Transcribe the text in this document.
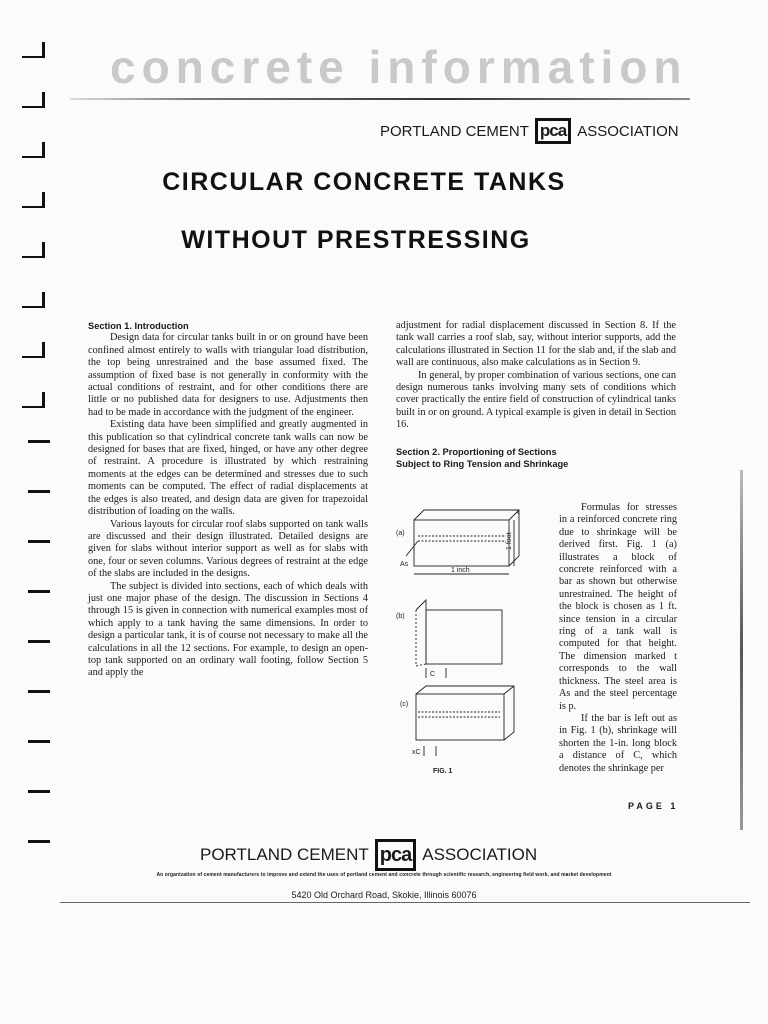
concrete information
PORTLAND CEMENT pca ASSOCIATION
CIRCULAR CONCRETE TANKS
WITHOUT PRESTRESSING

Section 1. Introduction

Design data for circular tanks built in or on ground have been confined almost entirely to walls with triangular load distribution, the top being unrestrained and the base assumed fixed. The assumption of fixed base is not generally in conformity with the actual conditions of restraint, and for other conditions there are little or no published data for designers to use. Adjustments then had to be made in accordance with the judgment of the engineer.

Existing data have been simplified and greatly augmented in this publication so that cylindrical concrete tank walls can now be designed for bases that are fixed, hinged, or have any other degree of restraint. A procedure is illustrated by which restraining moments at the edges can be determined and stresses due to such moments can be computed. The effect of radial displacements at the edges is also treated, and design data are given for trapezoidal distribution of loading on the walls.

Various layouts for circular roof slabs supported on tank walls are discussed and their design illustrated. Detailed designs are given for slabs without interior support as well as for slabs with one, four or seven columns. Various degrees of restraint at the edge of the slabs are included in the designs.

The subject is divided into sections, each of which deals with just one major phase of the design. The discussion in Sections 4 through 15 is given in connection with numerical examples most of which apply to a tank having the same dimensions. In order to design a particular tank, it is of course not necessary to make all the calculations in all the 12 sections. For example, to design an open-top tank supported on an ordinary wall footing, follow Section 5 and apply the

adjustment for radial displacement discussed in Section 8. If the tank wall carries a roof slab, say, without interior supports, add the calculations illustrated in Section 11 for the slab and, if the slab and wall are continuous, also make calculations as in Section 9.

In general, by proper combination of various sections, one can design numerous tanks involving many sets of conditions which cover practically the entire field of construction of cylindrical tanks built in or on ground. A typical example is given in detail in Section 16.

Section 2. Proportioning of Sections

Subject to Ring Tension and Shrinkage

Formulas for stresses in a reinforced concrete ring due to shrinkage will be derived first. Fig. 1 (a) illustrates a block of concrete reinforced with a bar as shown but otherwise unrestrained. The height of the block is chosen as 1 ft. since tension in a circular ring of a tank wall is computed for that height. The dimension marked t corresponds to the wall thickness. The steel area is As and the steel percentage is p.

If the bar is left out as in Fig. 1 (b), shrinkage will shorten the 1-in. long block a distance of C, which denotes the shrinkage per

(a)
t
1 foot
1 inch
As
(b)
C
(c)
xC
FIG. 1
PAGE 1
PORTLAND CEMENT pca ASSOCIATION
An organization of cement manufacturers to improve and extend the uses of portland cement and concrete through scientific research, engineering field work, and market development
5420 Old Orchard Road, Skokie, Illinois 60076
